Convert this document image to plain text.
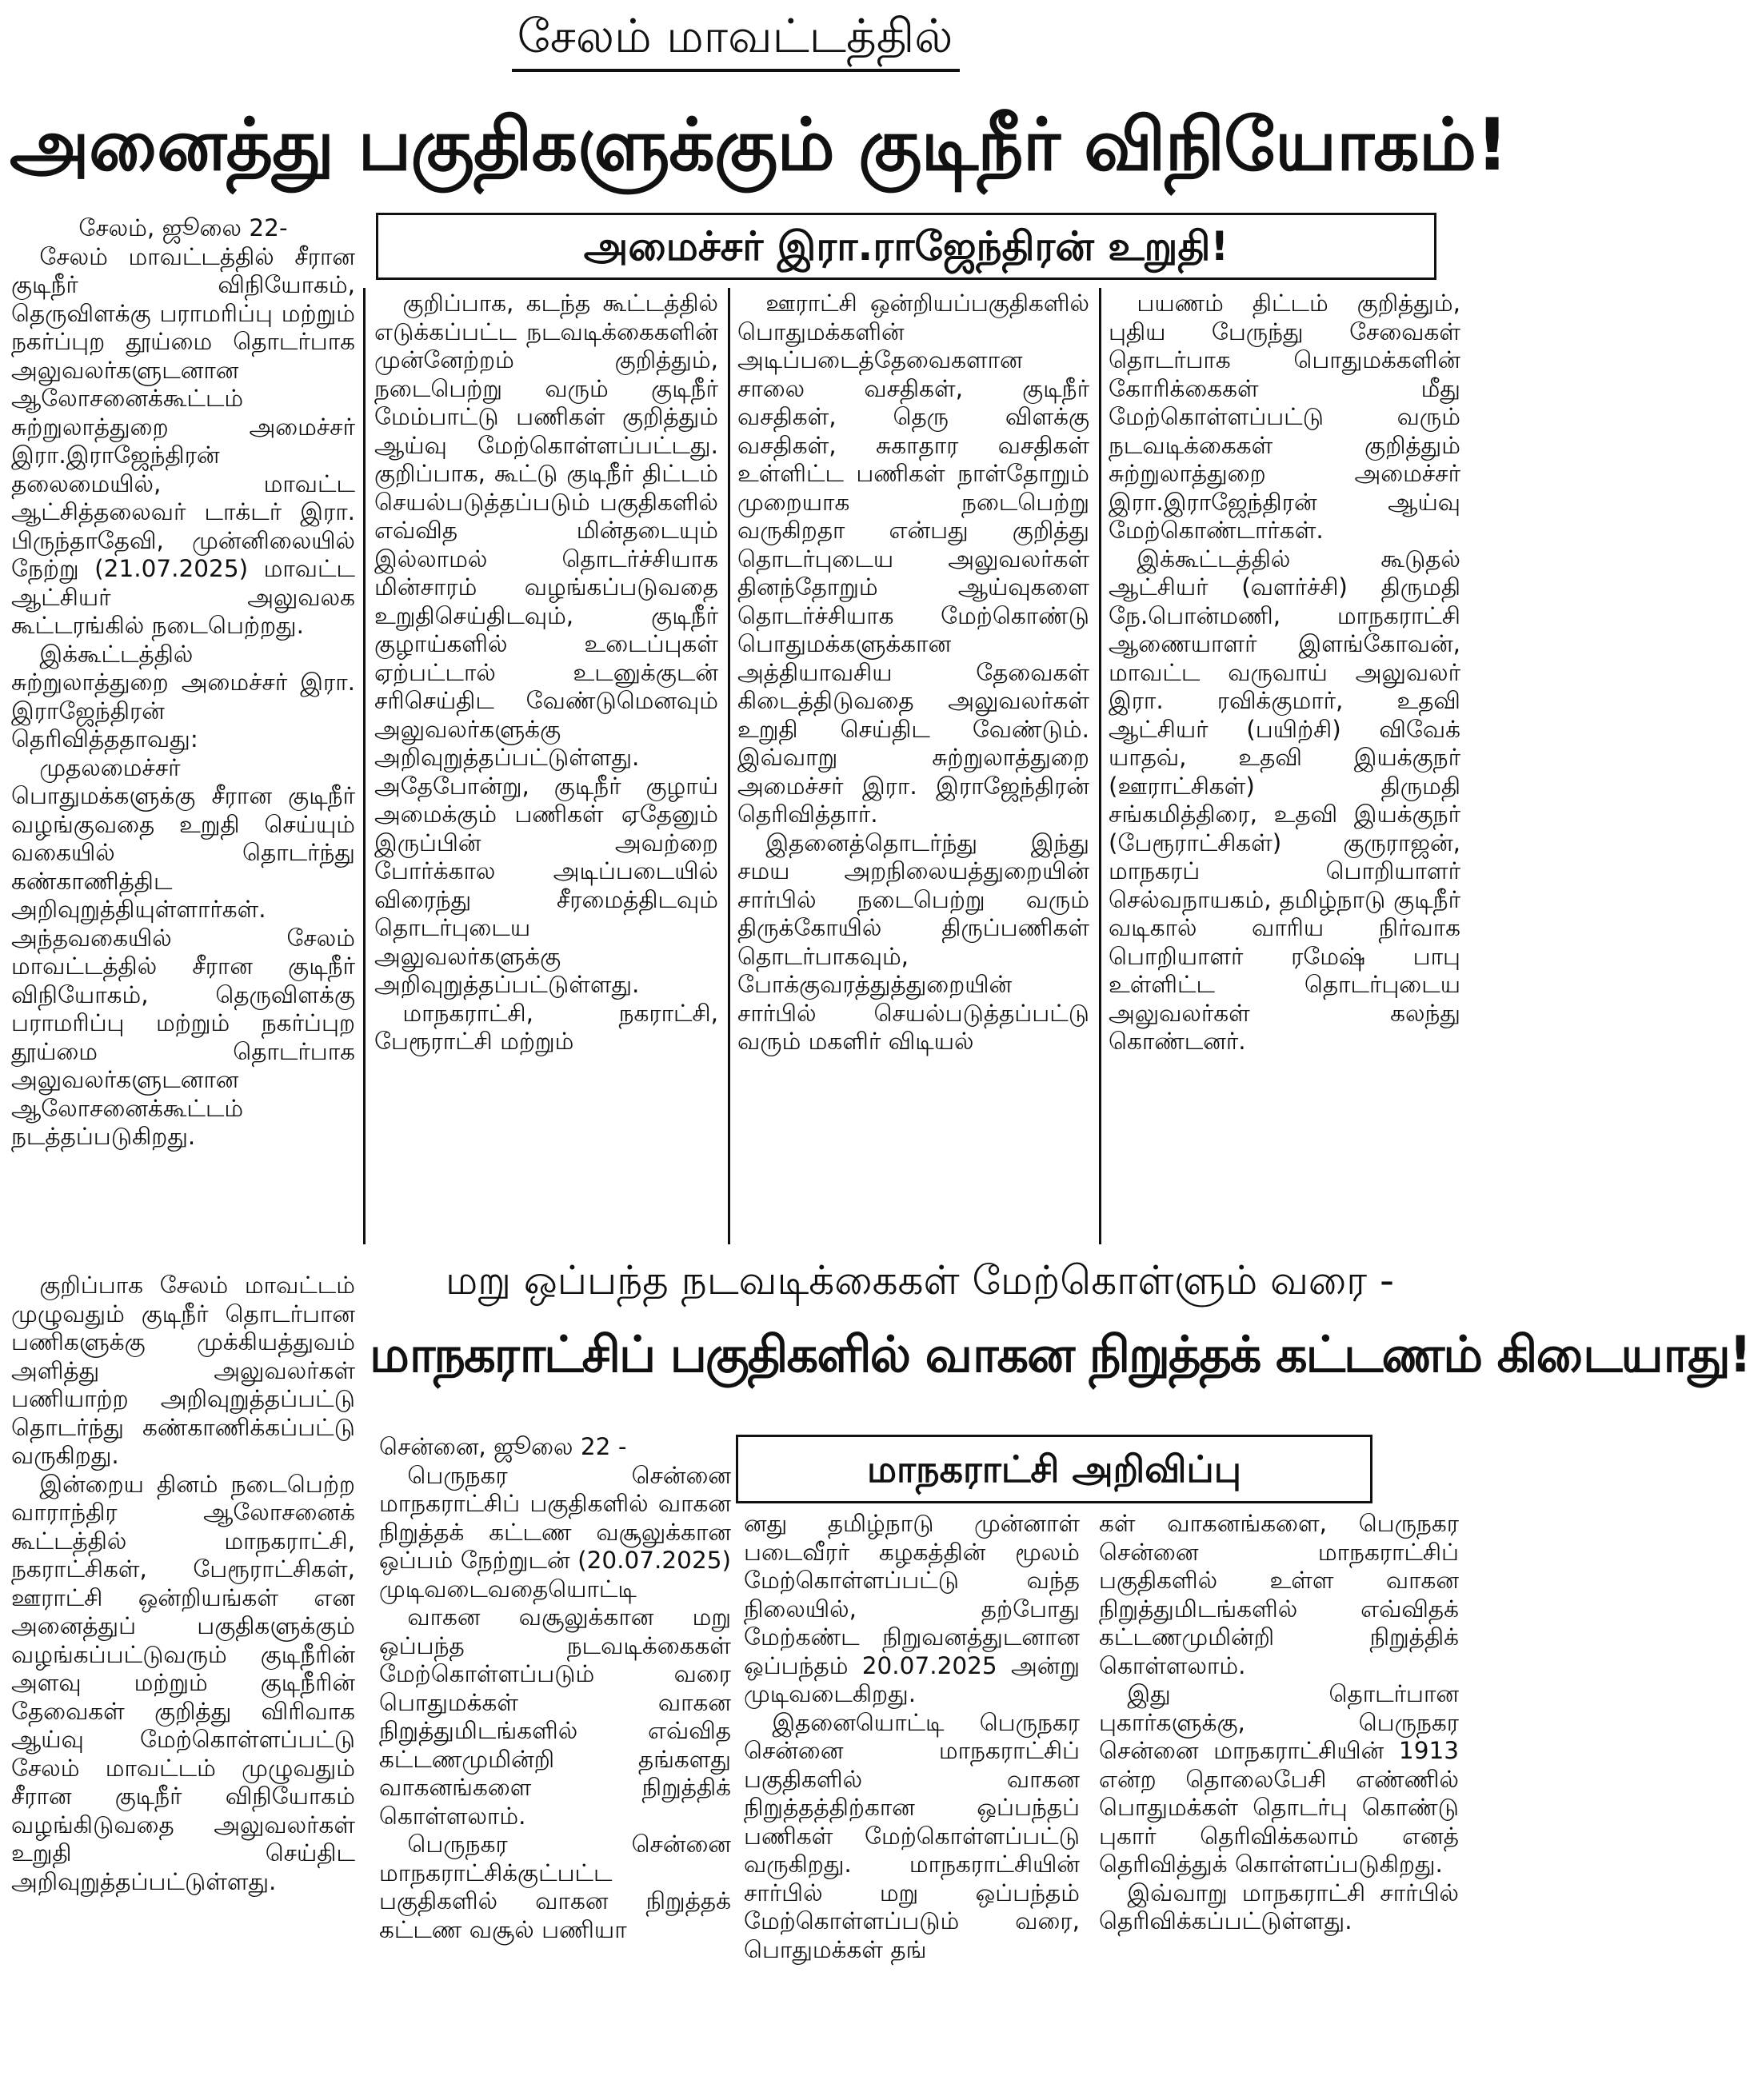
சேலம் மாவட்டத்தில்
அனைத்து பகுதிகளுக்கும் குடிநீர் விநியோகம்!
அமைச்சர் இரா.ராஜேந்திரன் உறுதி!

சேலம், ஜூலை 22-

சேலம் மாவட்டத்தில் சீரான குடிநீர் விநியோகம், தெருவிளக்கு பராமரிப்பு மற்றும் நகர்ப்புற தூய்மை தொடர்பாக அலுவலர்களுடனான ஆலோசனைக்கூட்டம் சுற்றுலாத்துறை அமைச்சர் இரா.இராஜேந்திரன் தலைமையில், மாவட்ட ஆட்சித்தலைவர் டாக்டர் இரா. பிருந்தாதேவி, முன்னிலையில் நேற்று (21.07.2025) மாவட்ட ஆட்சியர் அலுவலக கூட்டரங்கில் நடைபெற்றது.

இக்கூட்டத்தில் சுற்றுலாத்துறை அமைச்சர் இரா. இராஜேந்திரன் தெரிவித்ததாவது:

முதலமைச்சர் பொதுமக்களுக்கு சீரான குடிநீர் வழங்குவதை உறுதி செய்யும் வகையில் தொடர்ந்து கண்காணித்திட அறிவுறுத்தியுள்ளார்கள். அந்தவகையில் சேலம் மாவட்டத்தில் சீரான குடிநீர் விநியோகம், தெருவிளக்கு பராமரிப்பு மற்றும் நகர்ப்புற தூய்மை தொடர்பாக அலுவலர்களுடனான ஆலோசனைக்கூட்டம் நடத்தப்படுகிறது.

குறிப்பாக சேலம் மாவட்டம் முழுவதும் குடிநீர் தொடர்பான பணிகளுக்கு முக்கியத்துவம் அளித்து அலுவலர்கள் பணியாற்ற அறிவுறுத்தப்பட்டு தொடர்ந்து கண்காணிக்கப்பட்டு வருகிறது.

இன்றைய தினம் நடைபெற்ற வாராந்திர ஆலோசனைக் கூட்டத்தில் மாநகராட்சி, நகராட்சிகள், பேரூராட்சிகள், ஊராட்சி ஒன்றியங்கள் என அனைத்துப் பகுதிகளுக்கும் வழங்கப்பட்டுவரும் குடிநீரின் அளவு மற்றும் குடிநீரின் தேவைகள் குறித்து விரிவாக ஆய்வு மேற்கொள்ளப்பட்டு சேலம் மாவட்டம் முழுவதும் சீரான குடிநீர் விநியோகம் வழங்கிடுவதை அலுவலர்கள் உறுதி செய்திட அறிவுறுத்தப்பட்டுள்ளது.

குறிப்பாக, கடந்த கூட்டத்தில் எடுக்கப்பட்ட நடவடிக்கைகளின் முன்னேற்றம் குறித்தும், நடைபெற்று வரும் குடிநீர் மேம்பாட்டு பணிகள் குறித்தும் ஆய்வு மேற்கொள்ளப்பட்டது. குறிப்பாக, கூட்டு குடிநீர் திட்டம் செயல்படுத்தப்படும் பகுதிகளில் எவ்வித மின்தடையும் இல்லாமல் தொடர்ச்சியாக மின்சாரம் வழங்கப்படுவதை உறுதிசெய்திடவும், குடிநீர் குழாய்களில் உடைப்புகள் ஏற்பட்டால் உடனுக்குடன் சரிசெய்திட வேண்டுமெனவும் அலுவலர்களுக்கு அறிவுறுத்தப்பட்டுள்ளது. அதேபோன்று, குடிநீர் குழாய் அமைக்கும் பணிகள் ஏதேனும் இருப்பின் அவற்றை போர்க்கால அடிப்படையில் விரைந்து சீரமைத்திடவும் தொடர்புடைய அலுவலர்களுக்கு அறிவுறுத்தப்பட்டுள்ளது.

மாநகராட்சி, நகராட்சி, பேரூராட்சி மற்றும்

ஊராட்சி ஒன்றியப்பகுதிகளில் பொதுமக்களின் அடிப்படைத்தேவைகளான சாலை வசதிகள், குடிநீர் வசதிகள், தெரு விளக்கு வசதிகள், சுகாதார வசதிகள் உள்ளிட்ட பணிகள் நாள்தோறும் முறையாக நடைபெற்று வருகிறதா என்பது குறித்து தொடர்புடைய அலுவலர்கள் தினந்தோறும் ஆய்வுகளை தொடர்ச்சியாக மேற்கொண்டு பொதுமக்களுக்கான அத்தியாவசிய தேவைகள் கிடைத்திடுவதை அலுவலர்கள் உறுதி செய்திட வேண்டும். இவ்வாறு சுற்றுலாத்துறை அமைச்சர் இரா. இராஜேந்திரன் தெரிவித்தார்.

இதனைத்தொடர்ந்து இந்து சமய அறநிலையத்துறையின் சார்பில் நடைபெற்று வரும் திருக்கோயில் திருப்பணிகள் தொடர்பாகவும், போக்குவரத்துத்துறையின் சார்பில் செயல்படுத்தப்பட்டு வரும் மகளிர் விடியல்

பயணம் திட்டம் குறித்தும், புதிய பேருந்து சேவைகள் தொடர்பாக பொதுமக்களின் கோரிக்கைகள் மீது மேற்கொள்ளப்பட்டு வரும் நடவடிக்கைகள் குறித்தும் சுற்றுலாத்துறை அமைச்சர் இரா.இராஜேந்திரன் ஆய்வு மேற்கொண்டார்கள்.

இக்கூட்டத்தில் கூடுதல் ஆட்சியர் (வளர்ச்சி) திருமதி நே.பொன்மணி, மாநகராட்சி ஆணையாளர் இளங்கோவன், மாவட்ட வருவாய் அலுவலர் இரா. ரவிக்குமார், உதவி ஆட்சியர் (பயிற்சி) விவேக் யாதவ், உதவி இயக்குநர் (ஊராட்சிகள்) திருமதி சங்கமித்திரை, உதவி இயக்குநர் (பேரூராட்சிகள்) குருராஜன், மாநகரப் பொறியாளர் செல்வநாயகம், தமிழ்நாடு குடிநீர் வடிகால் வாரிய நிர்வாக பொறியாளர் ரமேஷ் பாபு உள்ளிட்ட தொடர்புடைய அலுவலர்கள் கலந்து கொண்டனர்.

மறு ஒப்பந்த நடவடிக்கைகள் மேற்கொள்ளும் வரை -
மாநகராட்சிப் பகுதிகளில் வாகன நிறுத்தக் கட்டணம் கிடையாது!
மாநகராட்சி அறிவிப்பு

சென்னை, ஜூலை 22 -

பெருநகர சென்னை மாநகராட்சிப் பகுதிகளில் வாகன நிறுத்தக் கட்டண வசூலுக்கான ஒப்பம் நேற்றுடன் (20.07.2025) முடிவடைவதையொட்டி

வாகன வசூலுக்கான மறு ஒப்பந்த நடவடிக்கைகள் மேற்கொள்ளப்படும் வரை பொதுமக்கள் வாகன நிறுத்துமிடங்களில் எவ்வித கட்டணமுமின்றி தங்களது வாகனங்களை நிறுத்திக் கொள்ளலாம்.

பெருநகர சென்னை மாநகராட்சிக்குட்பட்ட பகுதிகளில் வாகன நிறுத்தக் கட்டண வசூல் பணியா

னது தமிழ்நாடு முன்னாள் படைவீரர் கழகத்தின் மூலம் மேற்கொள்ளப்பட்டு வந்த நிலையில், தற்போது மேற்கண்ட நிறுவனத்துடனான ஒப்பந்தம் 20.07.2025 அன்று முடிவடைகிறது.

இதனையொட்டி பெருநகர சென்னை மாநகராட்சிப் பகுதிகளில் வாகன நிறுத்தத்திற்கான ஒப்பந்தப் பணிகள் மேற்கொள்ளப்பட்டு வருகிறது. மாநகராட்சியின் சார்பில் மறு ஒப்பந்தம் மேற்கொள்ளப்படும் வரை, பொதுமக்கள் தங்

கள் வாகனங்களை, பெருநகர சென்னை மாநகராட்சிப் பகுதிகளில் உள்ள வாகன நிறுத்துமிடங்களில் எவ்விதக் கட்டணமுமின்றி நிறுத்திக் கொள்ளலாம்.

இது தொடர்பான புகார்களுக்கு, பெருநகர சென்னை மாநகராட்சியின் 1913 என்ற தொலைபேசி எண்ணில் பொதுமக்கள் தொடர்பு கொண்டு புகார் தெரிவிக்கலாம் எனத் தெரிவித்துக் கொள்ளப்படுகிறது.

இவ்வாறு மாநகராட்சி சார்பில் தெரிவிக்கப்பட்டுள்ளது.
